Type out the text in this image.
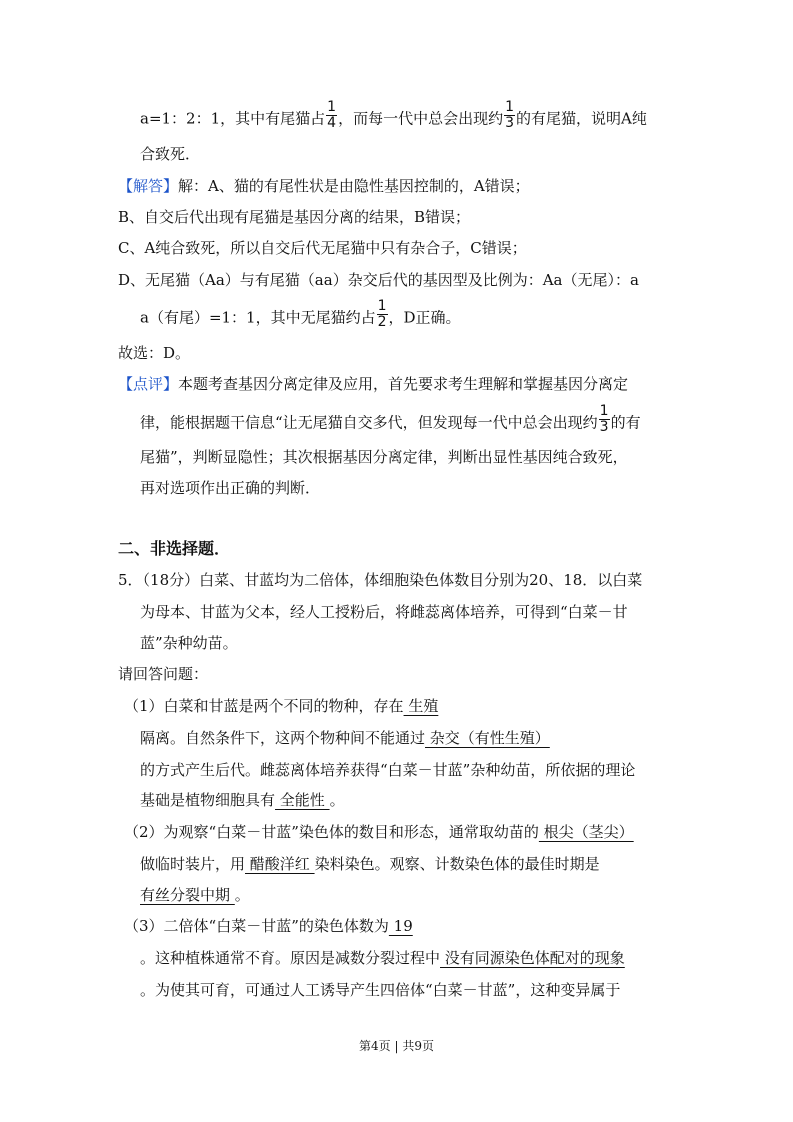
a=1：2：1，其中有尾猫占 $\frac{1}{4}$ ，而每一代中总会出现约 $\frac{1}{3}$ 的有尾猫，说明A纯
合致死．
【解答】解：A、猫的有尾性状是由隐性基因控制的，A错误；
B、自交后代出现有尾猫是基因分离的结果，B错误；
C、A纯合致死，所以自交后代无尾猫中只有杂合子，C错误；
D、无尾猫（Aa）与有尾猫（aa）杂交后代的基因型及比例为：Aa（无尾）：a
a（有尾）=1：1，其中无尾猫约占 $\frac{1}{2}$ ，D正确。
故选：D。
【点评】本题考查基因分离定律及应用，首先要求考生理解和掌握基因分离定
律，能根据题干信息“让无尾猫自交多代，但发现每一代中总会出现约 $\frac{1}{3}$ 的有
尾猫”，判断显隐性；其次根据基因分离定律，判断出显性基因纯合致死，
再对选项作出正确的判断．
二、非选择题．
5．（18分）白菜、甘蓝均为二倍体，体细胞染色体数目分别为20、18．以白菜
为母本、甘蓝为父本，经人工授粉后，将雌蕊离体培养，可得到“白菜－甘
蓝”杂种幼苗。
请回答问题：
（1）白菜和甘蓝是两个不同的物种，存在 生殖
隔离。自然条件下，这两个物种间不能通过 杂交（有性生殖）
的方式产生后代。雌蕊离体培养获得“白菜－甘蓝”杂种幼苗，所依据的理论
基础是植物细胞具有 全能性 。
（2）为观察“白菜－甘蓝”染色体的数目和形态，通常取幼苗的 根尖（茎尖）
做临时装片，用 醋酸洋红 染料染色。观察、计数染色体的最佳时期是
有丝分裂中期 。
（3）二倍体“白菜－甘蓝”的染色体数为 19
。这种植株通常不育。原因是减数分裂过程中 没有同源染色体配对的现象
。为使其可育，可通过人工诱导产生四倍体“白菜－甘蓝”，这种变异属于
第4页 | 共9页
